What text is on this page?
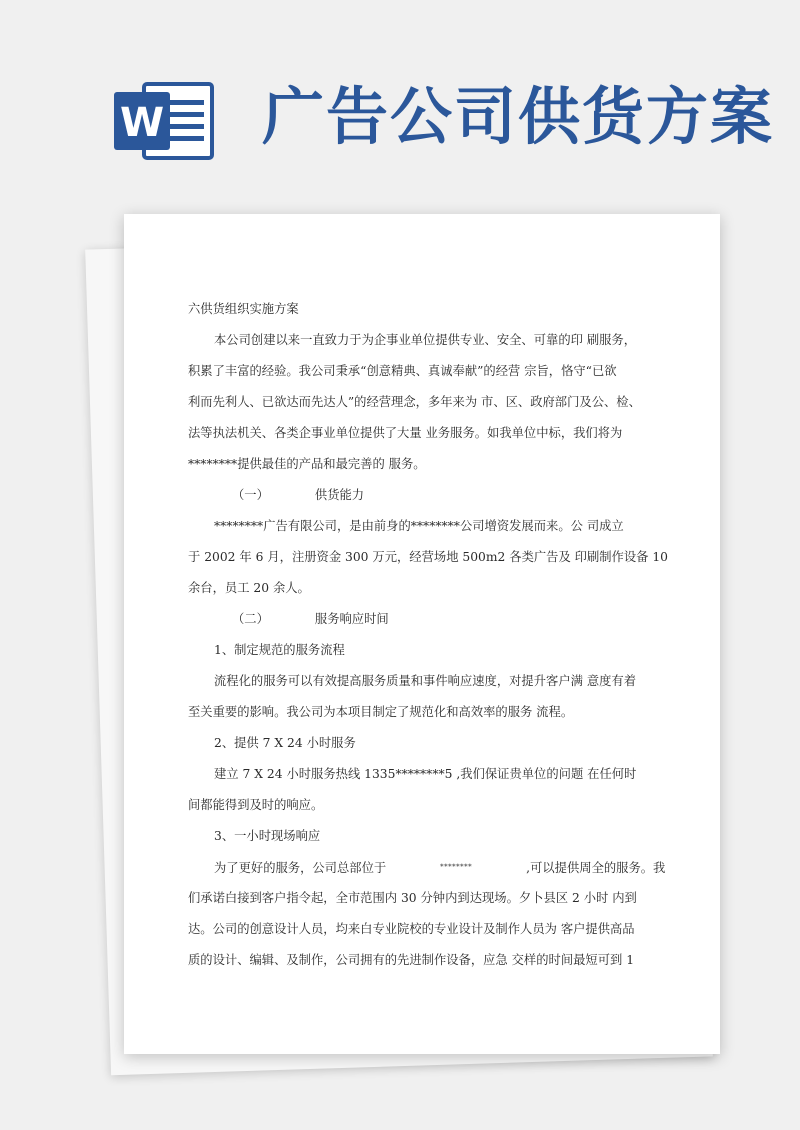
W 广告公司供货方案
六供货组织实施方案
本公司创建以来一直致力于为企事业单位提供专业、安全、可靠的印 刷服务，
积累了丰富的经验。我公司秉承“创意精典、真诚奉献”的经营 宗旨，恪守“已欲
利而先利人、已欲达而先达人”的经营理念，多年来为 市、区、政府部门及公、检、
法等执法机关、各类企事业单位提供了大量 业务服务。如我单位中标，我们将为
********提供最佳的产品和最完善的 服务。
（一）	供货能力
********广告有限公司，是由前身的********公司增资发展而来。公 司成立
于 2002 年 6 月，注册资金 300 万元，经营场地 500m2 各类广告及 印刷制作设备 10
余台，员工 20 余人。
（二）	服务响应时间
1、制定规范的服务流程
流程化的服务可以有效提高服务质量和事件响应速度，对提升客户满 意度有着
至关重要的影响。我公司为本项目制定了规范化和高效率的服务 流程。
2、提供 7 X 24 小时服务
建立 7 X 24 小时服务热线 1335********5 ,我们保证贵单位的问题 在任何时
间都能得到及时的响应。
3、一小时现场响应
为了更好的服务，公司总部位于	********	,可以提供周全的服务。我
们承诺白接到客户指令起，全市范围内 30 分钟内到达现场。夕卜县区 2 小时 内到
达。公司的创意设计人员，均来白专业院校的专业设计及制作人员为 客户提供高品
质的设计、编辑、及制作，公司拥有的先进制作设备，应急 交样的时间最短可到 1
